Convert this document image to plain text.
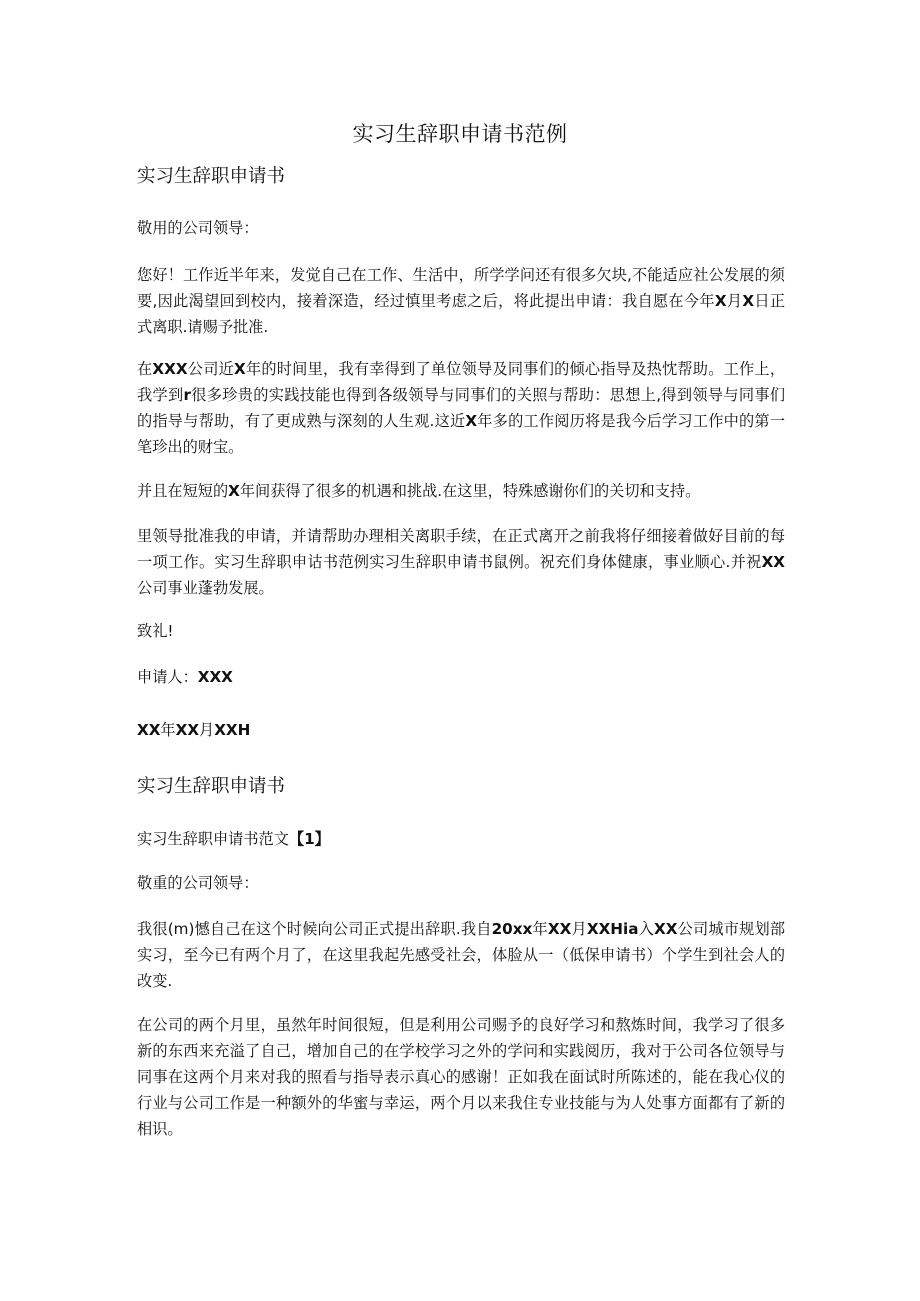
实习生辞职申请书范例
实习生辞职申请书

敬用的公司领导：

您好！工作近半年来，发觉自己在工作、生活中，所学学问还有很多欠块,不能适应社公发展的须要,因此渴望回到校内，接着深造，经过慎里考虑之后，将此提出申请：我自愿在今年X月X日正式离职.请赐予批准.

在XXX公司近X年的时间里，我有幸得到了单位领导及同事们的倾心指导及热忱帮助。工作上，我学到r很多珍贵的实践技能也得到各级领导与同事们的关照与帮助：思想上,得到领导与同事们的指导与帮助，有了更成熟与深刻的人生观.这近X年多的工作阅历将是我今后学习工作中的第一笔珍出的财宝。

并且在短短的X年间获得了很多的机遇和挑战.在这里，特殊感谢你们的关切和支持。

里领导批准我的申请，并请帮助办理相关离职手续，在正式离开之前我将仔细接着做好目前的每一项工作。实习生辞职申诂书范例实习生辞职申请书鼠例。祝充们身体健康，事业顺心.并祝XX公司事业蓬勃发展。

致礼!

申请人：XXX

XX年XX月XXH

实习生辞职申请书

实习生辞职申请书范文【1】

敬重的公司领导：

我很(m)憾自己在这个时候向公司正式提出辞职.我自20xx年XX月XXHia入XX公司城市规划部实习，至今已有两个月了，在这里我起先感受社会，体脸从一（低保申请书）个学生到社会人的改变.

在公司的两个月里，虽然年时间很短，但是利用公司赐予的良好学习和熬炼时间，我学习了很多新的东西来充溢了自己，增加自己的在学校学习之外的学问和实践阅历，我对于公司各位领导与同事在这两个月来对我的照看与指导表示真心的感谢！正如我在面试时所陈述的，能在我心仪的行业与公司工作是一种额外的华蜜与幸运，两个月以来我住专业技能与为人处事方面都有了新的相识。
